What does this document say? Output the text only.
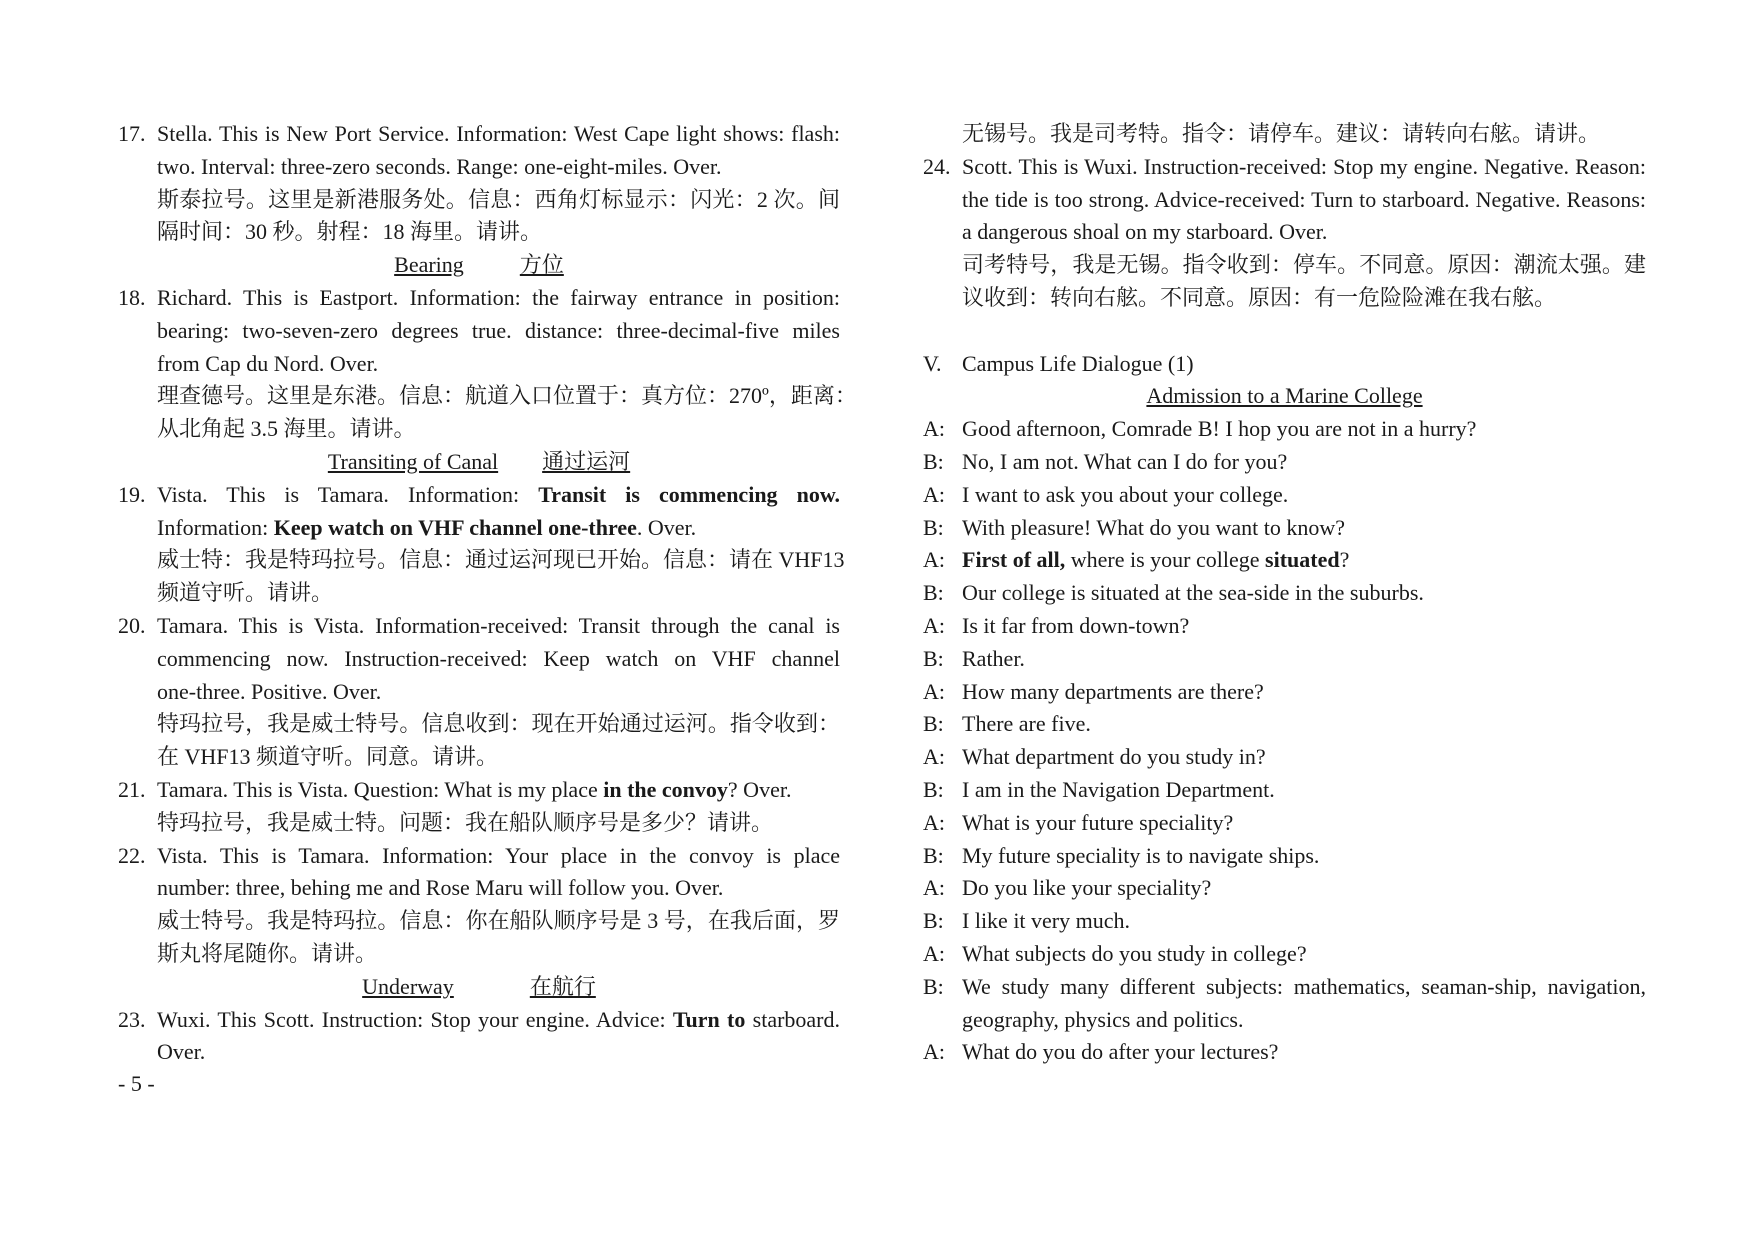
17. Stella. This is New Port Service. Information: West Cape light shows: flash:
two. Interval: three-zero seconds. Range: one-eight-miles. Over.
斯泰拉号。这里是新港服务处。信息：西角灯标显示：闪光：2 次。间
隔时间：30 秒。射程：18 海里。请讲。
Bearing	方位
18. Richard. This is Eastport. Information: the fairway entrance in position:
bearing: two-seven-zero degrees true. distance: three-decimal-five miles
from Cap du Nord. Over.
理查德号。这里是东港。信息：航道入口位置于：真方位：270º，距离：
从北角起 3.5 海里。请讲。
Transiting of Canal 通过运河
19. Vista. This is Tamara. Information: Transit is commencing now.
Information: Keep watch on VHF channel one-three. Over.
威士特：我是特玛拉号。信息：通过运河现已开始。信息：请在 VHF13
频道守听。请讲。
20. Tamara. This is Vista. Information-received: Transit through the canal is
commencing now. Instruction-received: Keep watch on VHF channel
one-three. Positive. Over.
特玛拉号，我是威士特号。信息收到：现在开始通过运河。指令收到：
在 VHF13 频道守听。同意。请讲。
21. Tamara. This is Vista. Question: What is my place in the convoy? Over.
特玛拉号，我是威士特。问题：我在船队顺序号是多少？请讲。
22. Vista. This is Tamara. Information: Your place in the convoy is place
number: three, behing me and Rose Maru will follow you. Over.
威士特号。我是特玛拉。信息：你在船队顺序号是 3 号，在我后面，罗
斯丸将尾随你。请讲。
Underway	在航行
23. Wuxi. This Scott. Instruction: Stop your engine. Advice: Turn to starboard.
Over.
- 5 -
无锡号。我是司考特。指令：请停车。建议：请转向右舷。请讲。
24. Scott. This is Wuxi. Instruction-received: Stop my engine. Negative. Reason:
the tide is too strong. Advice-received: Turn to starboard. Negative. Reasons:
a dangerous shoal on my starboard. Over.
司考特号，我是无锡。指令收到：停车。不同意。原因：潮流太强。建
议收到：转向右舷。不同意。原因：有一危险险滩在我右舷。
V. Campus Life Dialogue (1)
Admission to a Marine College
A: Good afternoon, Comrade B! I hop you are not in a hurry?
B: No, I am not. What can I do for you?
A: I want to ask you about your college.
B: With pleasure! What do you want to know?
A: First of all, where is your college situated?
B: Our college is situated at the sea-side in the suburbs.
A: Is it far from down-town?
B: Rather.
A: How many departments are there?
B: There are five.
A: What department do you study in?
B: I am in the Navigation Department.
A: What is your future speciality?
B: My future speciality is to navigate ships.
A: Do you like your speciality?
B: I like it very much.
A: What subjects do you study in college?
B: We study many different subjects: mathematics, seaman-ship, navigation,
geography, physics and politics.
A: What do you do after your lectures?
